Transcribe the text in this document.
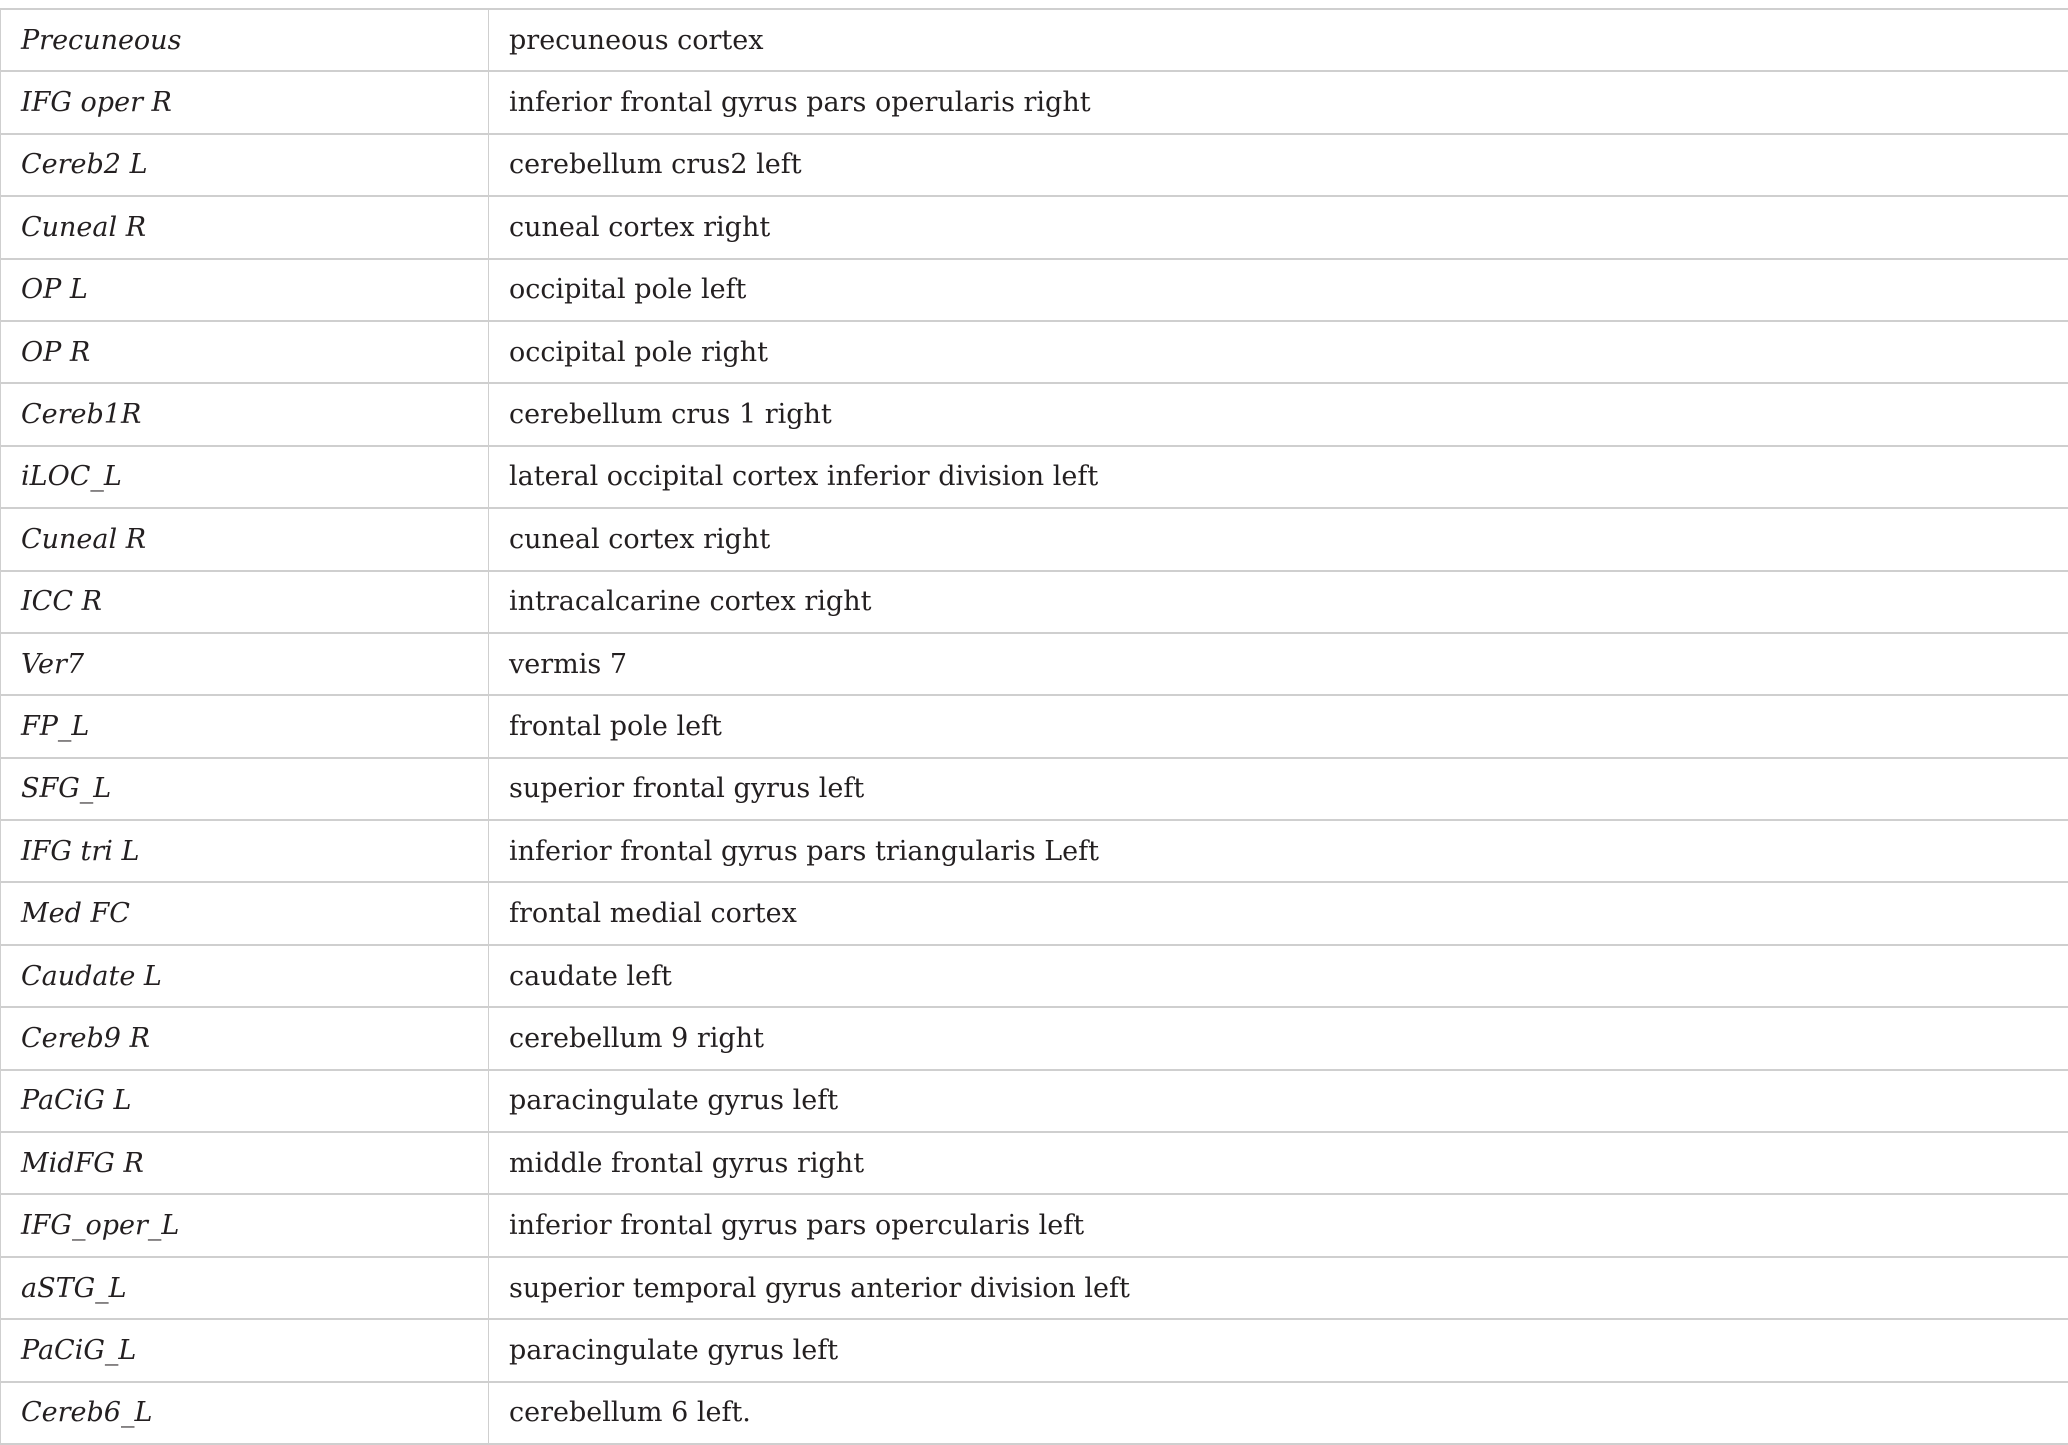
Precuneous	precuneous cortex
IFG oper R	inferior frontal gyrus pars operularis right
Cereb2 L	cerebellum crus2 left
Cuneal R	cuneal cortex right
OP L	occipital pole left
OP R	occipital pole right
Cereb1R	cerebellum crus 1 right
iLOC_L	lateral occipital cortex inferior division left
Cuneal R	cuneal cortex right
ICC R	intracalcarine cortex right
Ver7	vermis 7
FP_L	frontal pole left
SFG_L	superior frontal gyrus left
IFG tri L	inferior frontal gyrus pars triangularis Left
Med FC	frontal medial cortex
Caudate L	caudate left
Cereb9 R	cerebellum 9 right
PaCiG L	paracingulate gyrus left
MidFG R	middle frontal gyrus right
IFG_oper_L	inferior frontal gyrus pars opercularis left
aSTG_L	superior temporal gyrus anterior division left
PaCiG_L	paracingulate gyrus left
Cereb6_L	cerebellum 6 left.
